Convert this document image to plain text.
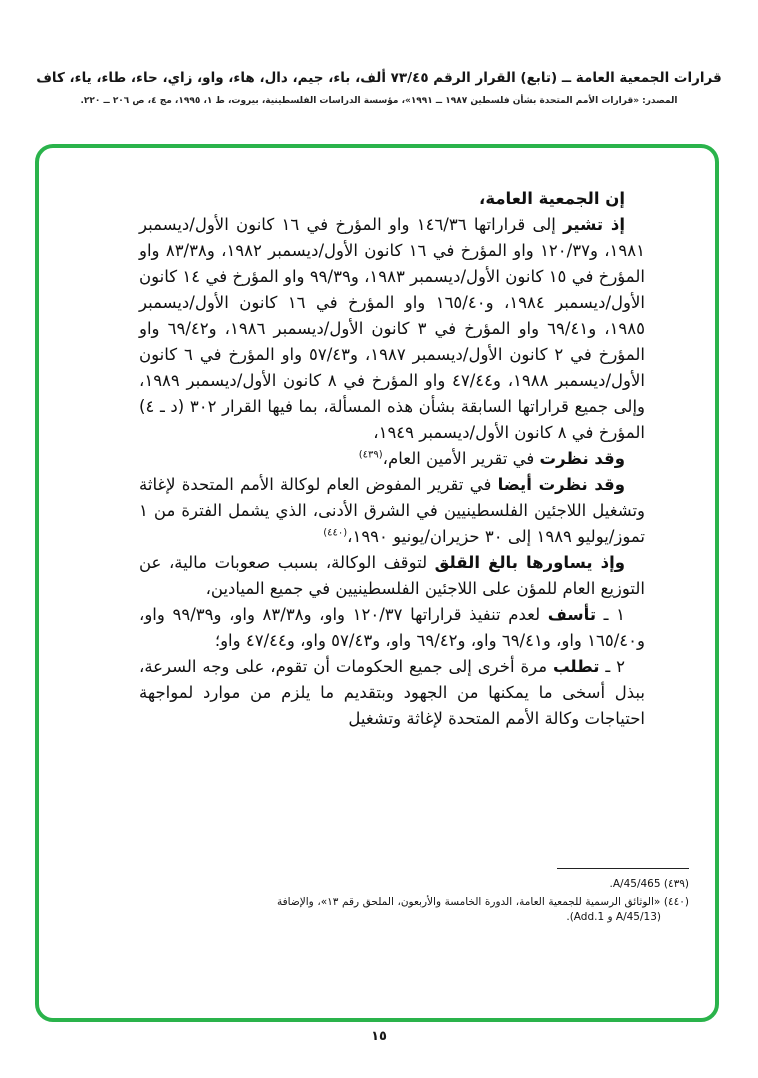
قرارات الجمعية العامة ــ (تابع) القرار الرقم ٧٣/٤٥ ألف، باء، جيم، دال، هاء، واو، زاي، حاء، طاء، ياء، كاف
المصدر: «قرارات الأمم المتحدة بشأن فلسطين ١٩٨٧ ــ ١٩٩١»، مؤسسة الدراسات الفلسطينية، بيروت، ط ١، ١٩٩٥، مج ٤، ص ٢٠٦ ــ ٢٢٠.

إن الجمعية العامة،

إذ تشير إلى قراراتها ١٤٦/٣٦ واو المؤرخ في ١٦ كانون الأول/ديسمبر ١٩٨١، و١٢٠/٣٧ واو المؤرخ في ١٦ كانون الأول/ديسمبر ١٩٨٢، و٨٣/٣٨ واو المؤرخ في ١٥ كانون الأول/ديسمبر ١٩٨٣، و٩٩/٣٩ واو المؤرخ في ١٤ كانون الأول/ديسمبر ١٩٨٤، و١٦٥/٤٠ واو المؤرخ في ١٦ كانون الأول/ديسمبر ١٩٨٥، و٦٩/٤١ واو المؤرخ في ٣ كانون الأول/ديسمبر ١٩٨٦، و٦٩/٤٢ واو المؤرخ في ٢ كانون الأول/ديسمبر ١٩٨٧، و٥٧/٤٣ واو المؤرخ في ٦ كانون الأول/ديسمبر ١٩٨٨، و٤٧/٤٤ واو المؤرخ في ٨ كانون الأول/ديسمبر ١٩٨٩، وإلى جميع قراراتها السابقة بشأن هذه المسألة، بما فيها القرار ٣٠٢ (د ـ ٤) المؤرخ في ٨ كانون الأول/ديسمبر ١٩٤٩،

وقد نظرت في تقرير الأمين العام،$^{(٤٣٩)}$

وقد نظرت أيضا في تقرير المفوض العام لوكالة الأمم المتحدة لإغاثة وتشغيل اللاجئين الفلسطينيين في الشرق الأدنى، الذي يشمل الفترة من ١ تموز/يوليو ١٩٨٩ إلى ٣٠ حزيران/يونيو ١٩٩٠،$^{(٤٤٠)}$

وإذ يساورها بالغ القلق لتوقف الوكالة، بسبب صعوبات مالية، عن التوزيع العام للمؤن على اللاجئين الفلسطينيين في جميع الميادين،

١ ـ تأسف لعدم تنفيذ قراراتها ١٢٠/٣٧ واو، و٨٣/٣٨ واو، و٩٩/٣٩ واو، و١٦٥/٤٠ واو، و٦٩/٤١ واو، و٦٩/٤٢ واو، و٥٧/٤٣ واو، و٤٧/٤٤ واو؛

٢ ـ تطلب مرة أخرى إلى جميع الحكومات أن تقوم، على وجه السرعة، ببذل أسخى ما يمكنها من الجهود وبتقديم ما يلزم من موارد لمواجهة احتياجات وكالة الأمم المتحدة لإغاثة وتشغيل

(٤٣٩) A/45/465.

(٤٤٠) «الوثائق الرسمية للجمعية العامة، الدورة الخامسة والأربعون، الملحق رقم ١٣»، والإضافة (A/45/13 و Add.1).

١٥
